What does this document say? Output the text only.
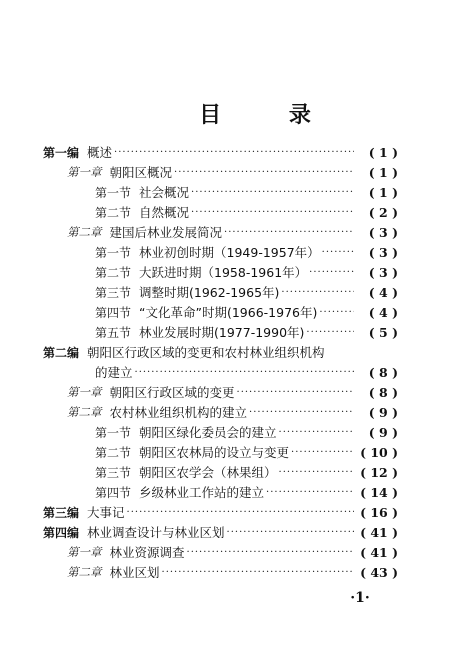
目 录
第一编 概述 ·····	( 1 )
第一章 朝阳区概况 ·····	( 1 )
第一节 社会概况 ·····	( 1 )
第二节 自然概况 ·····	( 2 )
第二章 建国后林业发展简况 ·····	( 3 )
第一节 林业初创时期（1949-1957年） ·····	( 3 )
第二节 大跃进时期（1958-1961年） ·····	( 3 )
第三节 调整时期(1962-1965年) ·····	( 4 )
第四节 “文化革命”时期(1966-1976年) ·····	( 4 )
第五节 林业发展时期(1977-1990年) ·····	( 5 )
第二编 朝阳区行政区域的变更和农村林业组织机构
的建立 ·····	( 8 )
第一章 朝阳区行政区域的变更 ·····	( 8 )
第二章 农村林业组织机构的建立 ·····	( 9 )
第一节 朝阳区绿化委员会的建立 ·····	( 9 )
第二节 朝阳区农林局的设立与变更 ·····	( 10 )
第三节 朝阳区农学会（林果组） ·····	( 12 )
第四节 乡级林业工作站的建立 ·····	( 14 )
第三编 大事记 ·····	( 16 )
第四编 林业调查设计与林业区划 ·····	( 41 )
第一章 林业资源调查 ·····	( 41 )
第二章 林业区划 ·····	( 43 )
·1·
